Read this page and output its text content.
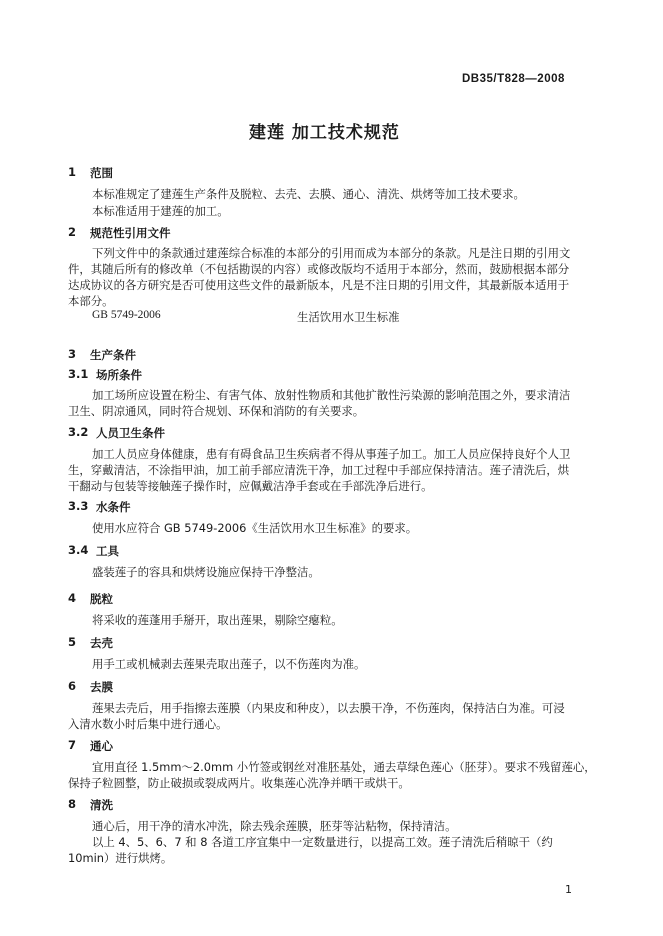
DB35/T828—2008
建莲 加工技术规范
1 范围
本标准规定了建莲生产条件及脱粒、去壳、去膜、通心、清洗、烘烤等加工技术要求。
本标准适用于建莲的加工。
2 规范性引用文件
下列文件中的条款通过建莲综合标准的本部分的引用而成为本部分的条款。凡是注日期的引用文
件，其随后所有的修改单（不包括勘误的内容）或修改版均不适用于本部分，然而，鼓励根据本部分
达成协议的各方研究是否可使用这些文件的最新版本，凡是不注日期的引用文件，其最新版本适用于
本部分。
GB 5749-2006	生活饮用水卫生标准
3 生产条件
3.1 场所条件
加工场所应设置在粉尘、有害气体、放射性物质和其他扩散性污染源的影响范围之外，要求清洁
卫生、阴凉通风，同时符合规划、环保和消防的有关要求。
3.2 人员卫生条件
加工人员应身体健康，患有有碍食品卫生疾病者不得从事莲子加工。加工人员应保持良好个人卫
生，穿戴清洁，不涂指甲油，加工前手部应清洗干净，加工过程中手部应保持清洁。莲子清洗后，烘
干翻动与包装等接触莲子操作时，应佩戴洁净手套或在手部洗净后进行。
3.3 水条件
使用水应符合 GB 5749-2006《生活饮用水卫生标准》的要求。
3.4 工具
盛装莲子的容具和烘烤设施应保持干净整洁。
4 脱粒
将采收的莲蓬用手掰开，取出莲果，剔除空瘪粒。
5 去壳
用手工或机械剥去莲果壳取出莲子，以不伤莲肉为准。
6 去膜
莲果去壳后，用手指擦去莲膜（内果皮和种皮），以去膜干净，不伤莲肉，保持洁白为准。可浸
入清水数小时后集中进行通心。
7 通心
宜用直径 1.5mm～2.0mm 小竹签或钢丝对准胚基处，通去草绿色莲心（胚芽）。要求不残留莲心，
保持子粒圆整，防止破损或裂成两片。收集莲心洗净并晒干或烘干。
8 清洗
通心后，用干净的清水冲洗，除去残余莲膜，胚芽等沾粘物，保持清洁。
以上 4、5、6、7 和 8 各道工序宜集中一定数量进行，以提高工效。莲子清洗后稍晾干（约
10min）进行烘烤。
1
